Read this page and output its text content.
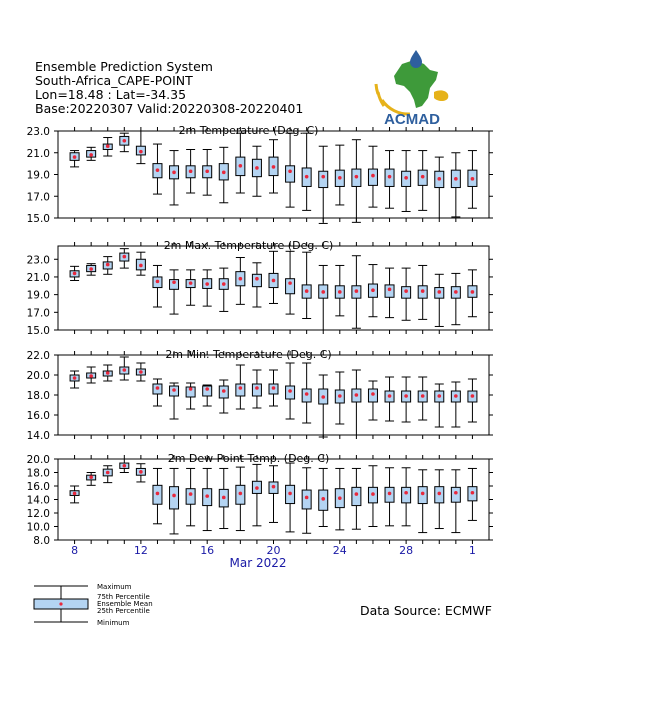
Ensemble Prediction System
South-Africa_CAPE-POINT
Lon=18.48 : Lat=-34.35
Base:20220307 Valid:20220308-20220401
ACMAD
2m Temperature (Deg. C)
23.0
21.0
19.0
17.0
15.0
2m Max. Temperature (Deg. C)
23.0
21.0
19.0
17.0
15.0
2m Min. Temperature (Deg. C)
22.0
20.0
18.0
16.0
14.0
2m Dew Point Temp. (Deg. C)
20.0
18.0
16.0
14.0
12.0
10.0
8.0
8	12	16	20	24	28	1
Mar 2022
Maximum
75th Percentile
Ensemble Mean
25th Percentile
Minimum
Data Source: ECMWF
